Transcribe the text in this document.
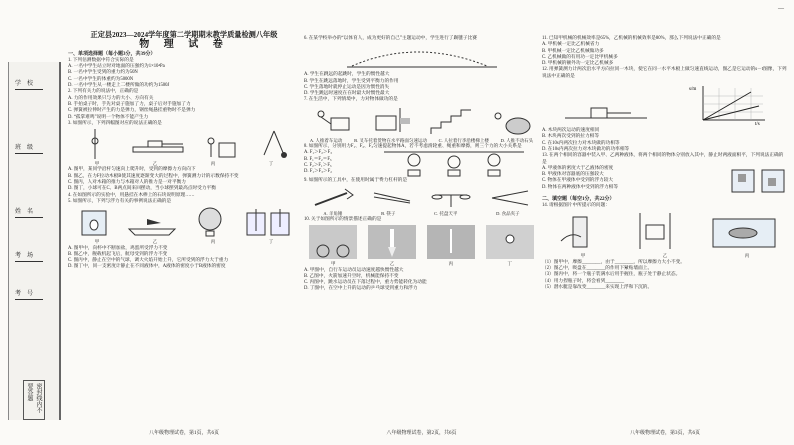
—
学　校
班　级
姓　名
考　场
考　号
密封线内不要答题
正定县2023—2024学年度第二学期期末教学质量检测八年级
物 理 试 卷
一、单项选择题（每小题3分，共39分）

1. 下列估测数据中符合实际的是

A. 一名中学生站立时对地面的压强约为1×10⁴Pa

B. 一名中学生受到的重力约为50N

C. 一名中学生的体重约为5000N

D. 一名中学生从一楼走上二楼所做的功约为1500J

2. 下列有关力的说法中，正确的是

A. 力的作用效果只与力的大小、方向有关

B. 手拍桌子时，手先对桌子施加了力，桌子后对手施加了力

C. 弹簧被拉伸时产生的力是弹力，钢丝绳悬挂重物时不是弹力

D. “孤掌难鸣”说明一个物体不能产生力

3. 如图所示，下列四幅图对应的说法正确的是

甲	乙	丙	丁

A. 图甲，某同学沿杆匀速向上爬升时，受到的摩擦力方向向下

B. 图乙，在力F拉动木板B使其速度逐渐变大的过程中，弹簧测力计的示数保持不变

C. 图丙，人对木箱的推力与木箱对人的推力是一对平衡力

D. 图丁，小球可在C、B两点间来回摆动，当小球摆到最高点时受力平衡

4. 在如图所示的实验中，用悬挂在木棒上的石块说明原理……

5. 如图所示，下列与浮力有关的事例说法正确的是

甲	乙	丙	丁

A. 图甲中，向杯中不断加盐，鸡蛋所受浮力不变

B. 图乙中，舰载机起飞后，航母受到的浮力不变

C. 图丙中，静止在空中的气球，调大火焰开始上升，它所受到的浮力大于重力

D. 图丁中，同一支密度计静止在不同液体中，A液体的密度小于B液体的密度

八年级物理试卷，第1页，共6页

6. 在某学校举办的“以体育人，成为更好的自己”主题运动中，学生进行了踢毽子比赛

A. 学生在跳远的起跳时，学生的惯性越大

B. 学生在跳远落地时，学生受到平衡力的作用

C. 学生落地时就停止运动是因为惯性消失

D. 学生跳远时速度在在时最大时惯性最大

7. 在生活中，下列情境中，力对物体做功的是

A. 人推着车运动	B. 叉车托着货物在水平路面匀速运动	C. 人拉着行李沿楼梯上楼	D. 人推不动石头

8. 如图所示，分别用力F₁、F₂、F₃匀速提起物体A，若不考虑滑轮重、绳重和摩擦，则三个力的大小关系是

A. F₁＞F₂＞F₃

B. F₁＝F₂＝F₃

C. F₂＞F₁＞F₃

D. F₁＞F₃＞F₂

9. 如图所示的工具中，在使用时属于费力杠杆的是

A. 羊角锤	B. 筷子	C. 托盘天平	D. 食品夹子

10. 关于如图所示的情景描述正确的是

甲	乙	丙	丁

A. 甲图中，自行车运动员运动速度越快惯性越大

B. 乙图中，火箭加速升空时，机械能保持不变

C. 丙图中，跳水运动员在下落过程中，重力势能转化为动能

D. 丁图中，在空中上升的运动的乒乓球受到重力和浮力

八年级物理试卷，第2页，共6页

11. 已知甲机械的机械效率是65%，乙机械的机械效率是80%，那么下列说法中正确的是

A. 甲机械一定比乙机械省力

B. 甲机械一定比乙机械做功多

C. 乙机械做的有用功一定比甲机械多

D. 甲机械的额外功一定比乙机械多

12. 用弹簧测力计两次沿水平方向拉同一木块，使它在同一水平木板上做匀速直线运动，图乙是它运动的s－t图像，下列说法中正确的是

t/s
s/m

A. 木块两次运动的速度相同

B. 木块两次受到的拉力相等

C. 在10s内两次拉力对木块做的功相等

D. 在10s内两次拉力对木块做功的功率相等

13. 在两个相同的容器中装入甲、乙两种液体，将两个相同的物体分别放入其中，静止时两液面相平，下列说法正确的是

A. 甲液体的密度大于乙液体的密度

B. 甲液体对容器底的压强较大

C. 物体在甲液体中受到的浮力较大

D. 物体在两种液体中受到的浮力相等

二、填空题（每空1分，共22分）

14. 请根据图片中所提示的问题：

甲	乙	丙

（1）图甲中，摩擦________，由于________，所以摩擦力大小不变。

（2）图乙中，吸盘在________的作用下紧贴墙面上。

（3）图丙中，将一个瓶子装满水后用手握住，瓶子处于静止状态。

（4）用力捏瓶子时，将会看到________

（5）潜水艇是靠改变________来实现上浮和下沉的。

八年级物理试卷，第3页，共6页
